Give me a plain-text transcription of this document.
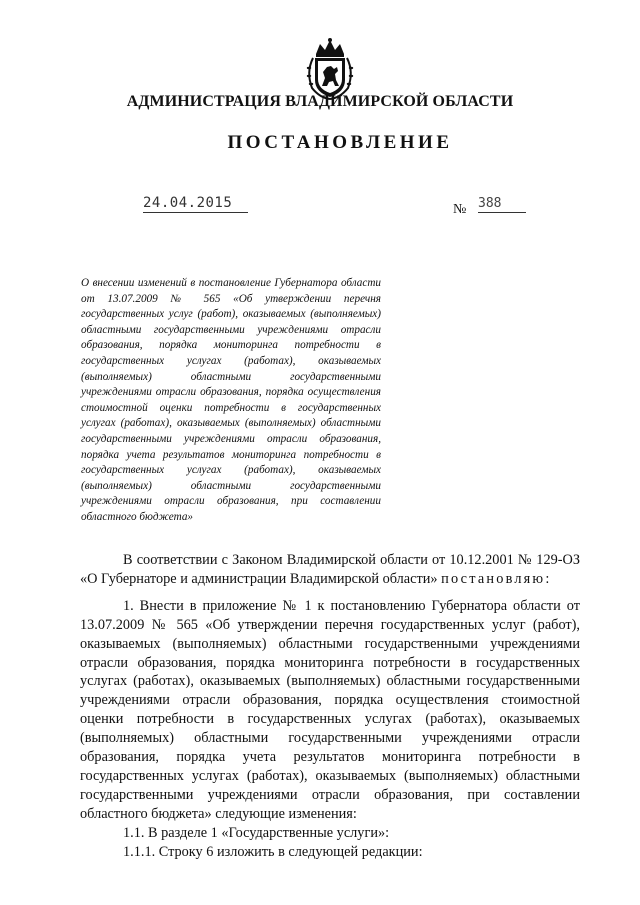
АДМИНИСТРАЦИЯ ВЛАДИМИРСКОЙ ОБЛАСТИ
ПОСТАНОВЛЕНИЕ
24.04.2015	№ 388
О внесении изменений в постановление Губернатора области от 13.07.2009 № 565 «Об утверждении перечня государственных услуг (работ), оказываемых (выполняемых) областными государственными учреждениями отрасли образования, порядка мониторинга потребности в государственных услугах (работах), оказываемых (выполняемых) областными государственными учреждениями отрасли образования, порядка осуществления стоимостной оценки потребности в государственных услугах (работах), оказываемых (выполняемых) областными государственными учреждениями отрасли образования, порядка учета результатов мониторинга потребности в государственных услугах (работах), оказываемых (выполняемых) областными государственными учреждениями отрасли образования, при составлении областного бюджета»

В соответствии с Законом Владимирской области от 10.12.2001 № 129-ОЗ «О Губернаторе и администрации Владимирской области» постановляю:

1. Внести в приложение № 1 к постановлению Губернатора области от 13.07.2009 № 565 «Об утверждении перечня государственных услуг (работ), оказываемых (выполняемых) областными государственными учреждениями отрасли образования, порядка мониторинга потребности в государственных услугах (работах), оказываемых (выполняемых) областными государственными учреждениями отрасли образования, порядка осуществления стоимостной оценки потребности в государственных услугах (работах), оказываемых (выполняемых) областными государственными учреждениями отрасли образования, порядка учета результатов мониторинга потребности в государственных услугах (работах), оказываемых (выполняемых) областными государственными учреждениями отрасли образования, при составлении областного бюджета» следующие изменения:

1.1. В разделе 1 «Государственные услуги»:

1.1.1. Строку 6 изложить в следующей редакции:
